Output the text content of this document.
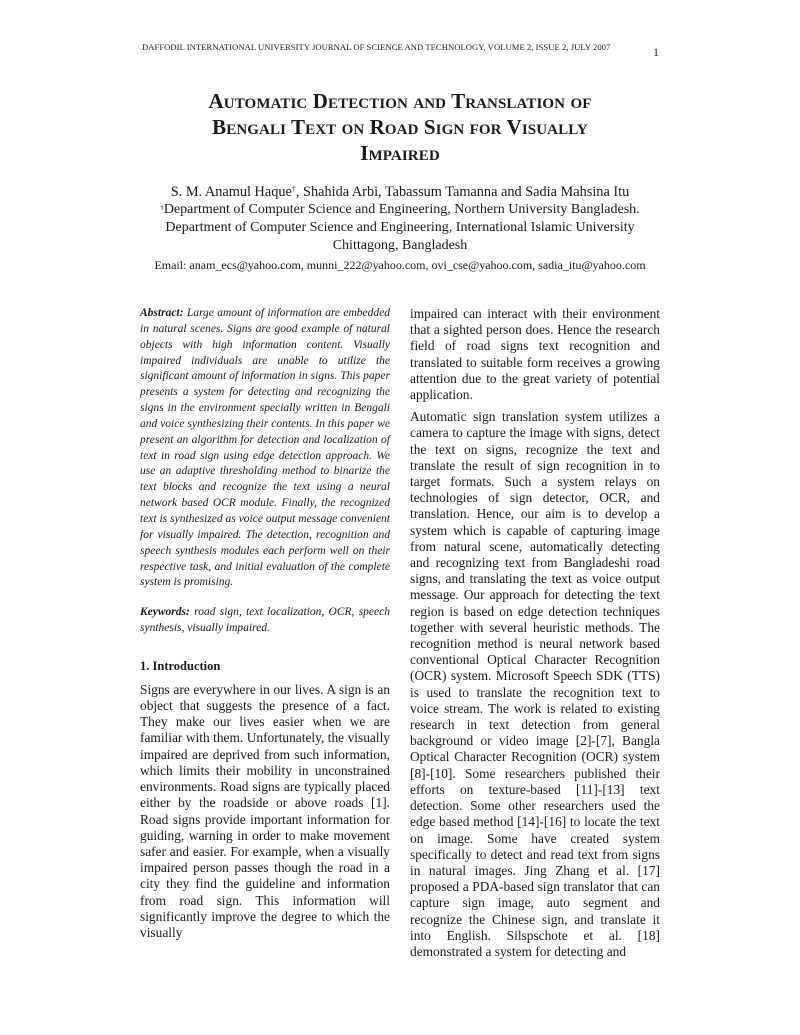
DAFFODIL INTERNATIONAL UNIVERSITY JOURNAL OF SCIENCE AND TECHNOLOGY, VOLUME 2, ISSUE 2, JULY 2007	1
Automatic Detection and Translation of
Bengali Text on Road Sign for Visually
Impaired
S. M. Anamul Haque†, Shahida Arbi, Tabassum Tamanna and Sadia Mahsina Itu
†Department of Computer Science and Engineering, Northern University Bangladesh.
Department of Computer Science and Engineering, International Islamic University
Chittagong, Bangladesh
Email: anam_ecs@yahoo.com, munni_222@yahoo.com, ovi_cse@yahoo.com, sadia_itu@yahoo.com

Abstract: Large amount of information are embedded in natural scenes. Signs are good example of natural objects with high information content. Visually impaired individuals are unable to utilize the significant amount of information in signs. This paper presents a system for detecting and recognizing the signs in the environment specially written in Bengali and voice synthesizing their contents. In this paper we present an algorithm for detection and localization of text in road sign using edge detection approach. We use an adaptive thresholding method to binarize the text blocks and recognize the text using a neural network based OCR module. Finally, the recognized text is synthesized as voice output message convenient for visually impaired. The detection, recognition and speech synthesis modules each perform well on their respective task, and initial evaluation of the complete system is promising.

Keywords: road sign, text localization, OCR, speech synthesis, visually impaired.

1. Introduction

Signs are everywhere in our lives. A sign is an object that suggests the presence of a fact. They make our lives easier when we are familiar with them. Unfortunately, the visually impaired are deprived from such information, which limits their mobility in unconstrained environments. Road signs are typically placed either by the roadside or above roads [1]. Road signs provide important information for guiding, warning in order to make movement safer and easier. For example, when a visually impaired person passes though the road in a city they find the guideline and information from road sign. This information will significantly improve the degree to which the visually

impaired can interact with their environment that a sighted person does. Hence the research field of road signs text recognition and translated to suitable form receives a growing attention due to the great variety of potential application.

Automatic sign translation system utilizes a camera to capture the image with signs, detect the text on signs, recognize the text and translate the result of sign recognition in to target formats. Such a system relays on technologies of sign detector, OCR, and translation. Hence, our aim is to develop a system which is capable of capturing image from natural scene, automatically detecting and recognizing text from Bangladeshi road signs, and translating the text as voice output message. Our approach for detecting the text region is based on edge detection techniques together with several heuristic methods. The recognition method is neural network based conventional Optical Character Recognition (OCR) system. Microsoft Speech SDK (TTS) is used to translate the recognition text to voice stream. The work is related to existing research in text detection from general background or video image [2]-[7], Bangla Optical Character Recognition (OCR) system [8]-[10]. Some researchers published their efforts on texture-based [11]-[13] text detection. Some other researchers used the edge based method [14]-[16] to locate the text on image. Some have created system specifically to detect and read text from signs in natural images. Jing Zhang et al. [17] proposed a PDA-based sign translator that can capture sign image, auto segment and recognize the Chinese sign, and translate it into English. Silspschote et al. [18] demonstrated a system for detecting and
